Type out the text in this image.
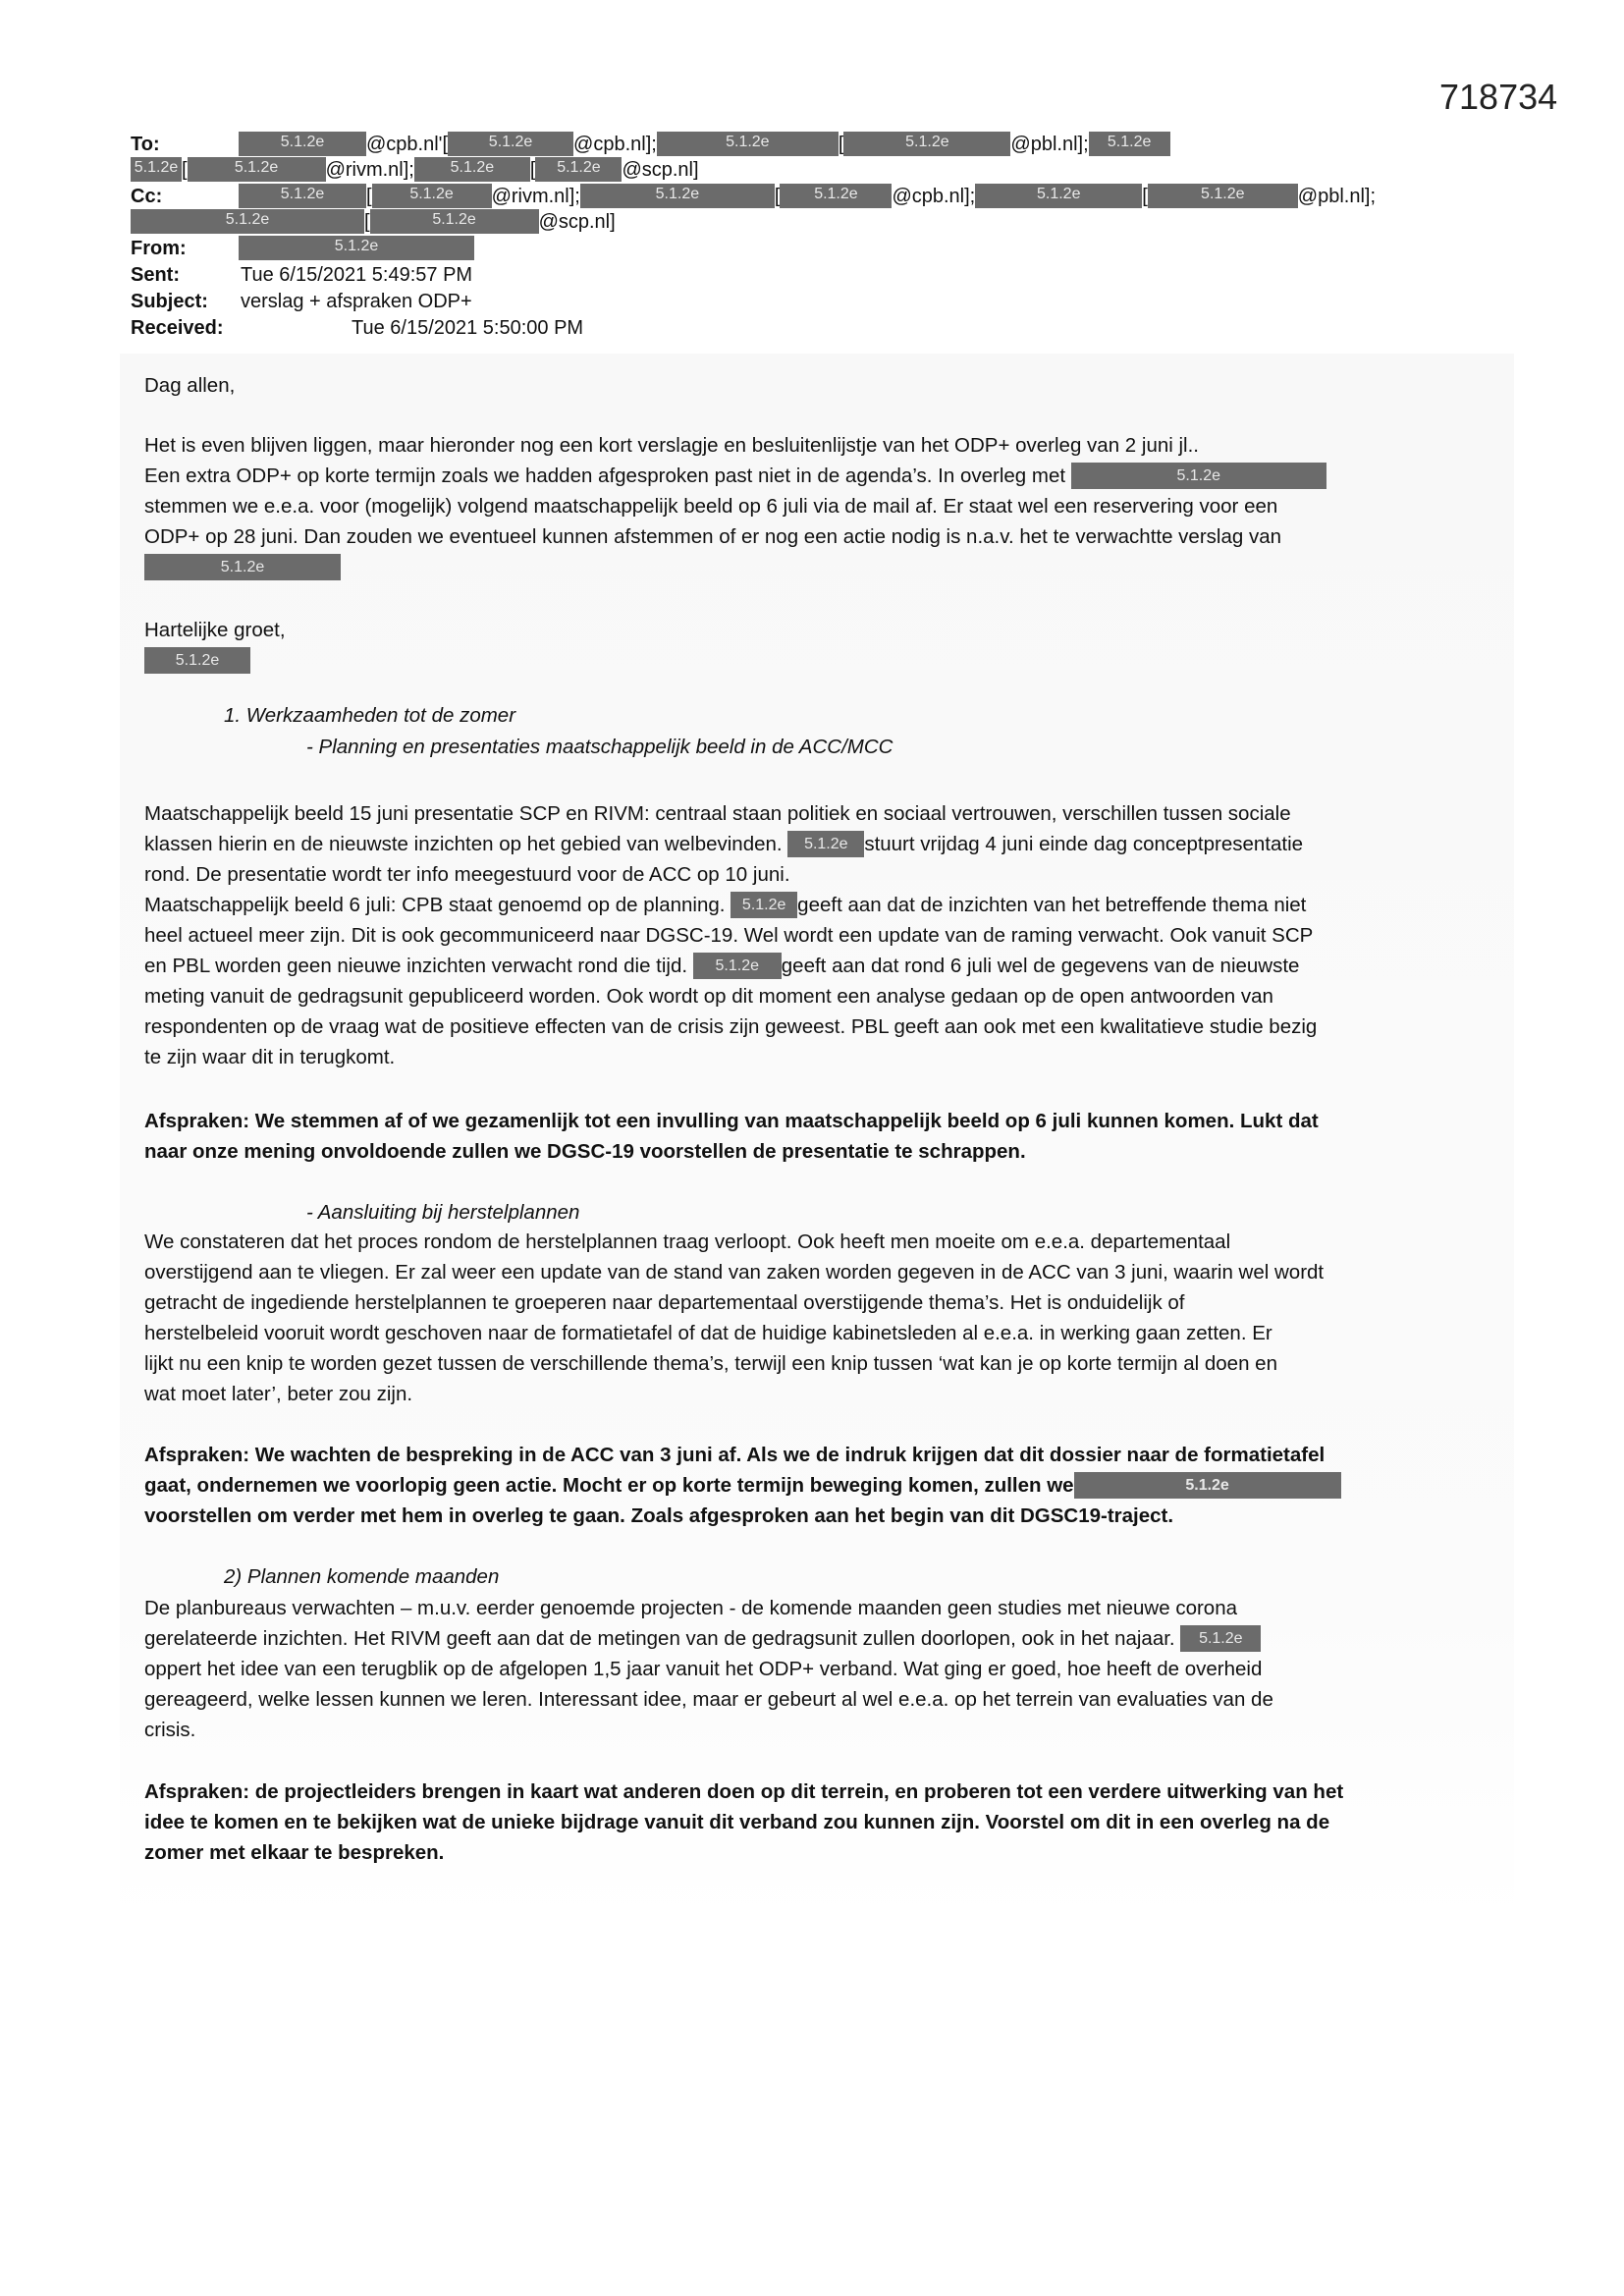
718734
To:	5.1.2e @cpb.nl'[	5.1.2e @cpb.nl];	5.1.2e	[	5.1.2e	@pbl.nl]; 5.1.2e
5.1.2e [	5.1.2e @rivm.nl]; 5.1.2e [ 5.1.2e @scp.nl]
Cc:	5.1.2e [ 5.1.2e @rivm.nl];	5.1.2e	[ 5.1.2e @cpb.nl];	5.1.2e	[	5.1.2e	@pbl.nl];
5.1.2e	[	5.1.2e	@scp.nl]
From:	5.1.2e
Sent:	Tue 6/15/2021 5:49:57 PM
Subject: verslag + afspraken ODP+
Received:	Tue 6/15/2021 5:50:00 PM
Dag allen,
Het is even blijven liggen, maar hieronder nog een kort verslagje en besluitenlijstje van het ODP+ overleg van 2 juni jl..
Een extra ODP+ op korte termijn zoals we hadden afgesproken past niet in de agenda’s. In overleg met	5.1.2e
stemmen we e.e.a. voor (mogelijk) volgend maatschappelijk beeld op 6 juli via de mail af. Er staat wel een reservering voor een
ODP+ op 28 juni. Dan zouden we eventueel kunnen afstemmen of er nog een actie nodig is n.a.v. het te verwachtte verslag van
5.1.2e
Hartelijke groet,
5.1.2e
1. Werkzaamheden tot de zomer
- Planning en presentaties maatschappelijk beeld in de ACC/MCC
Maatschappelijk beeld 15 juni presentatie SCP en RIVM: centraal staan politiek en sociaal vertrouwen, verschillen tussen sociale
klassen hierin en de nieuwste inzichten op het gebied van welbevinden. 5.1.2e stuurt vrijdag 4 juni einde dag conceptpresentatie
rond. De presentatie wordt ter info meegestuurd voor de ACC op 10 juni.
Maatschappelijk beeld 6 juli: CPB staat genoemd op de planning. 5.1.2e geeft aan dat de inzichten van het betreffende thema niet
heel actueel meer zijn. Dit is ook gecommuniceerd naar DGSC-19. Wel wordt een update van de raming verwacht. Ook vanuit SCP
en PBL worden geen nieuwe inzichten verwacht rond die tijd. 5.1.2e geeft aan dat rond 6 juli wel de gegevens van de nieuwste
meting vanuit de gedragsunit gepubliceerd worden. Ook wordt op dit moment een analyse gedaan op de open antwoorden van
respondenten op de vraag wat de positieve effecten van de crisis zijn geweest. PBL geeft aan ook met een kwalitatieve studie bezig
te zijn waar dit in terugkomt.
Afspraken: We stemmen af of we gezamenlijk tot een invulling van maatschappelijk beeld op 6 juli kunnen komen. Lukt dat
naar onze mening onvoldoende zullen we DGSC-19 voorstellen de presentatie te schrappen.
- Aansluiting bij herstelplannen
We constateren dat het proces rondom de herstelplannen traag verloopt. Ook heeft men moeite om e.e.a. departementaal
overstijgend aan te vliegen. Er zal weer een update van de stand van zaken worden gegeven in de ACC van 3 juni, waarin wel wordt
getracht de ingediende herstelplannen te groeperen naar departementaal overstijgende thema’s. Het is onduidelijk of
herstelbeleid vooruit wordt geschoven naar de formatietafel of dat de huidige kabinetsleden al e.e.a. in werking gaan zetten. Er
lijkt nu een knip te worden gezet tussen de verschillende thema’s, terwijl een knip tussen ‘wat kan je op korte termijn al doen en
wat moet later’, beter zou zijn.
Afspraken: We wachten de bespreking in de ACC van 3 juni af. Als we de indruk krijgen dat dit dossier naar de formatietafel
gaat, ondernemen we voorlopig geen actie. Mocht er op korte termijn beweging komen, zullen we	5.1.2e
voorstellen om verder met hem in overleg te gaan. Zoals afgesproken aan het begin van dit DGSC19-traject.
2) Plannen komende maanden
De planbureaus verwachten – m.u.v. eerder genoemde projecten - de komende maanden geen studies met nieuwe corona
gerelateerde inzichten. Het RIVM geeft aan dat de metingen van de gedragsunit zullen doorlopen, ook in het najaar. 5.1.2e
oppert het idee van een terugblik op de afgelopen 1,5 jaar vanuit het ODP+ verband. Wat ging er goed, hoe heeft de overheid
gereageerd, welke lessen kunnen we leren. Interessant idee, maar er gebeurt al wel e.e.a. op het terrein van evaluaties van de
crisis.
Afspraken: de projectleiders brengen in kaart wat anderen doen op dit terrein, en proberen tot een verdere uitwerking van het
idee te komen en te bekijken wat de unieke bijdrage vanuit dit verband zou kunnen zijn. Voorstel om dit in een overleg na de
zomer met elkaar te bespreken.
